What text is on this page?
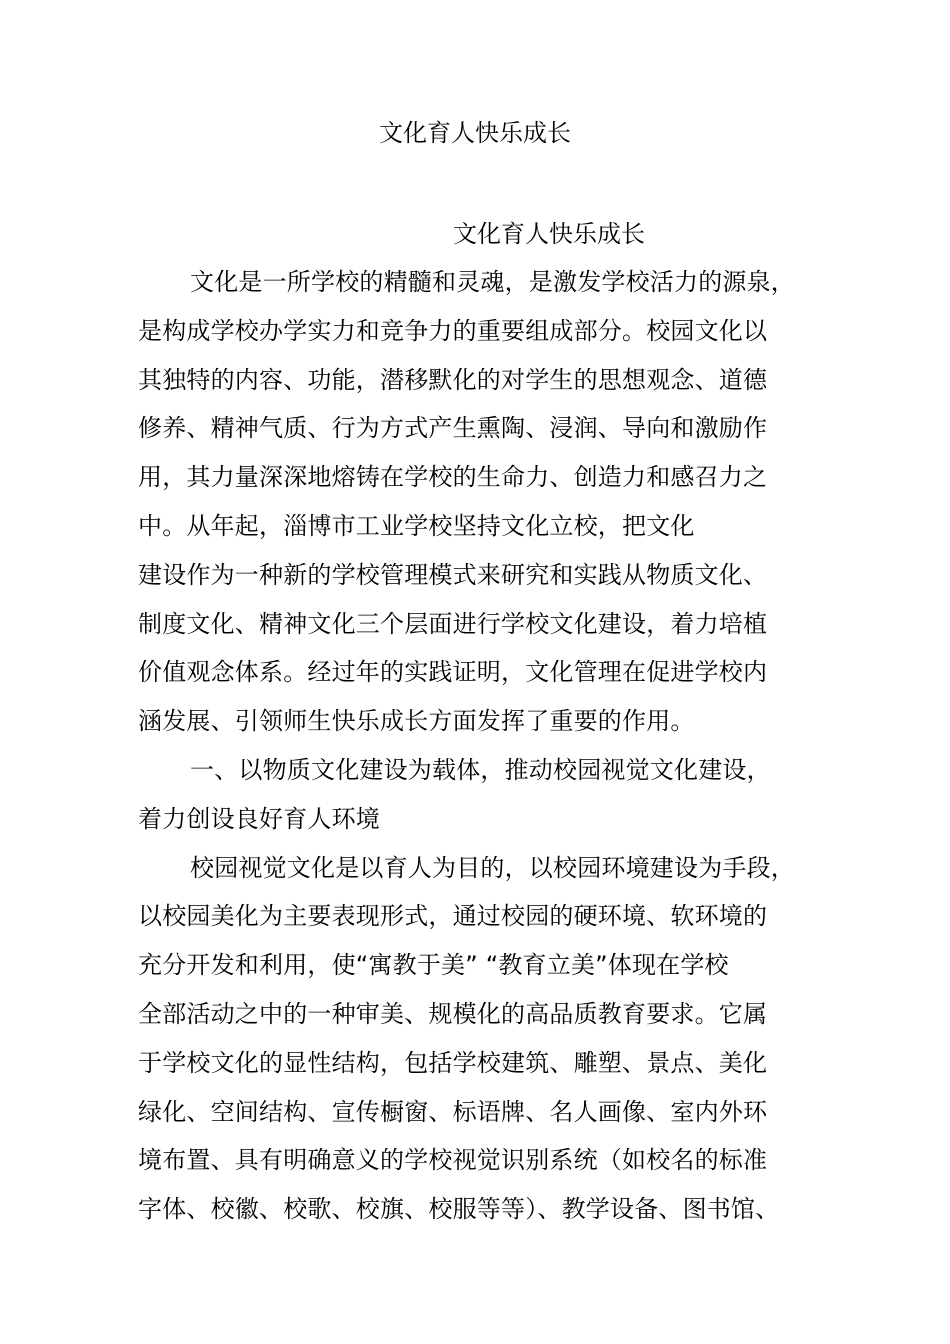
文化育人快乐成长
文化育人快乐成长
文化是一所学校的精髓和灵魂，是激发学校活力的源泉，
是构成学校办学实力和竞争力的重要组成部分。校园文化以
其独特的内容、功能，潜移默化的对学生的思想观念、道德
修养、精神气质、行为方式产生熏陶、浸润、导向和激励作
用，其力量深深地熔铸在学校的生命力、创造力和感召力之
中。从年起，淄博市工业学校坚持文化立校，把文化
建设作为一种新的学校管理模式来研究和实践从物质文化、
制度文化、精神文化三个层面进行学校文化建设，着力培植
价值观念体系。经过年的实践证明，文化管理在促进学校内
涵发展、引领师生快乐成长方面发挥了重要的作用。
一、以物质文化建设为载体，推动校园视觉文化建设，
着力创设良好育人环境
校园视觉文化是以育人为目的，以校园环境建设为手段，
以校园美化为主要表现形式，通过校园的硬环境、软环境的
充分开发和利用，使“寓教于美” “教育立美”体现在学校
全部活动之中的一种审美、规模化的高品质教育要求。它属
于学校文化的显性结构，包括学校建筑、雕塑、景点、美化
绿化、空间结构、宣传橱窗、标语牌、名人画像、室内外环
境布置、具有明确意义的学校视觉识别系统（如校名的标准
字体、校徽、校歌、校旗、校服等等）、教学设备、图书馆、
